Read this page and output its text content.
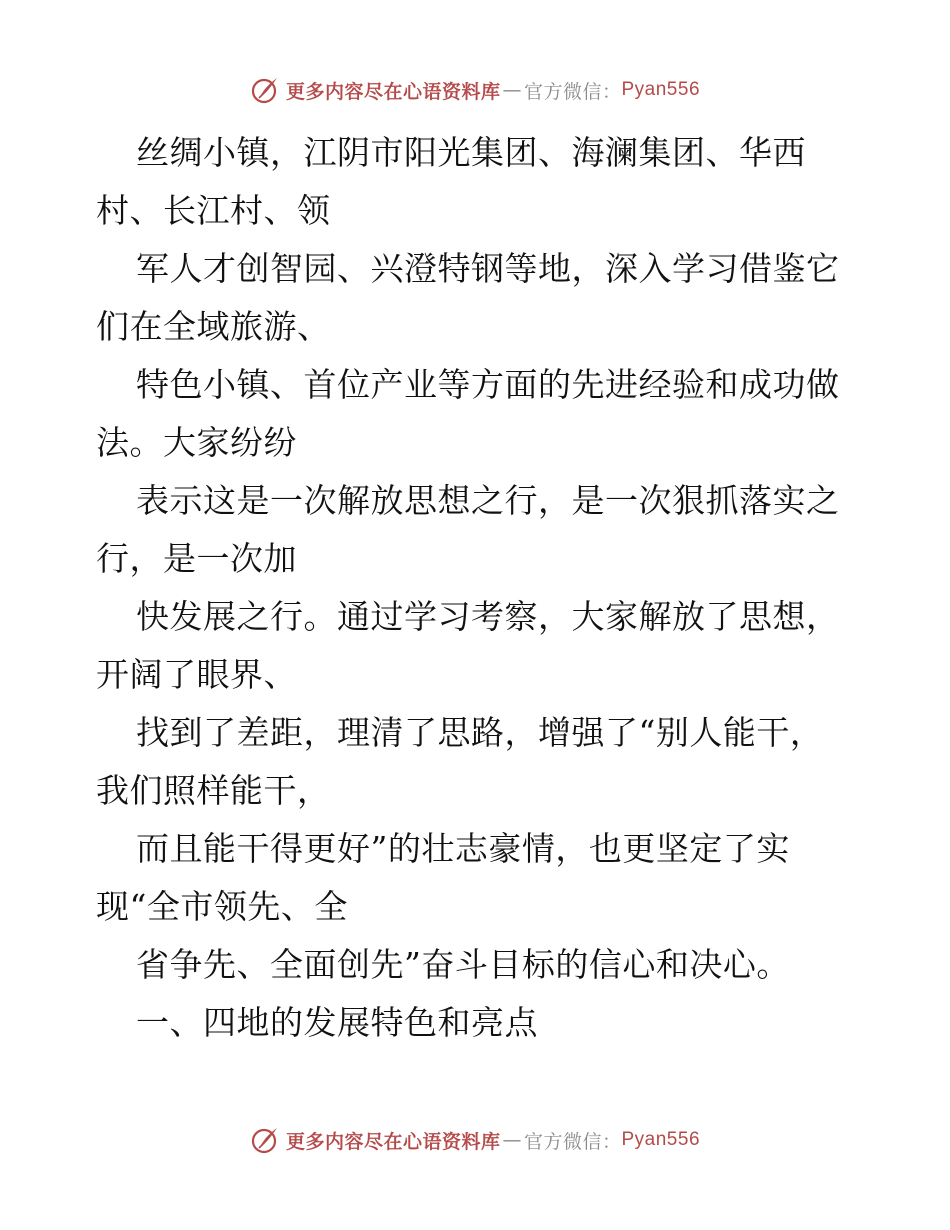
更多内容尽在心语资料库 — 官方微信： Pyan556
丝绸小镇，江阴市阳光集团、海澜集团、华西
村、长江村、领
军人才创智园、兴澄特钢等地，深入学习借鉴它
们在全域旅游、
特色小镇、首位产业等方面的先进经验和成功做
法。大家纷纷
表示这是一次解放思想之行，是一次狠抓落实之
行，是一次加
快发展之行。通过学习考察，大家解放了思想，
开阔了眼界、
找到了差距，理清了思路，增强了“别人能干，
我们照样能干，
而且能干得更好”的壮志豪情，也更坚定了实
现“全市领先、全
省争先、全面创先”奋斗目标的信心和决心。
一、四地的发展特色和亮点
更多内容尽在心语资料库 — 官方微信： Pyan556
